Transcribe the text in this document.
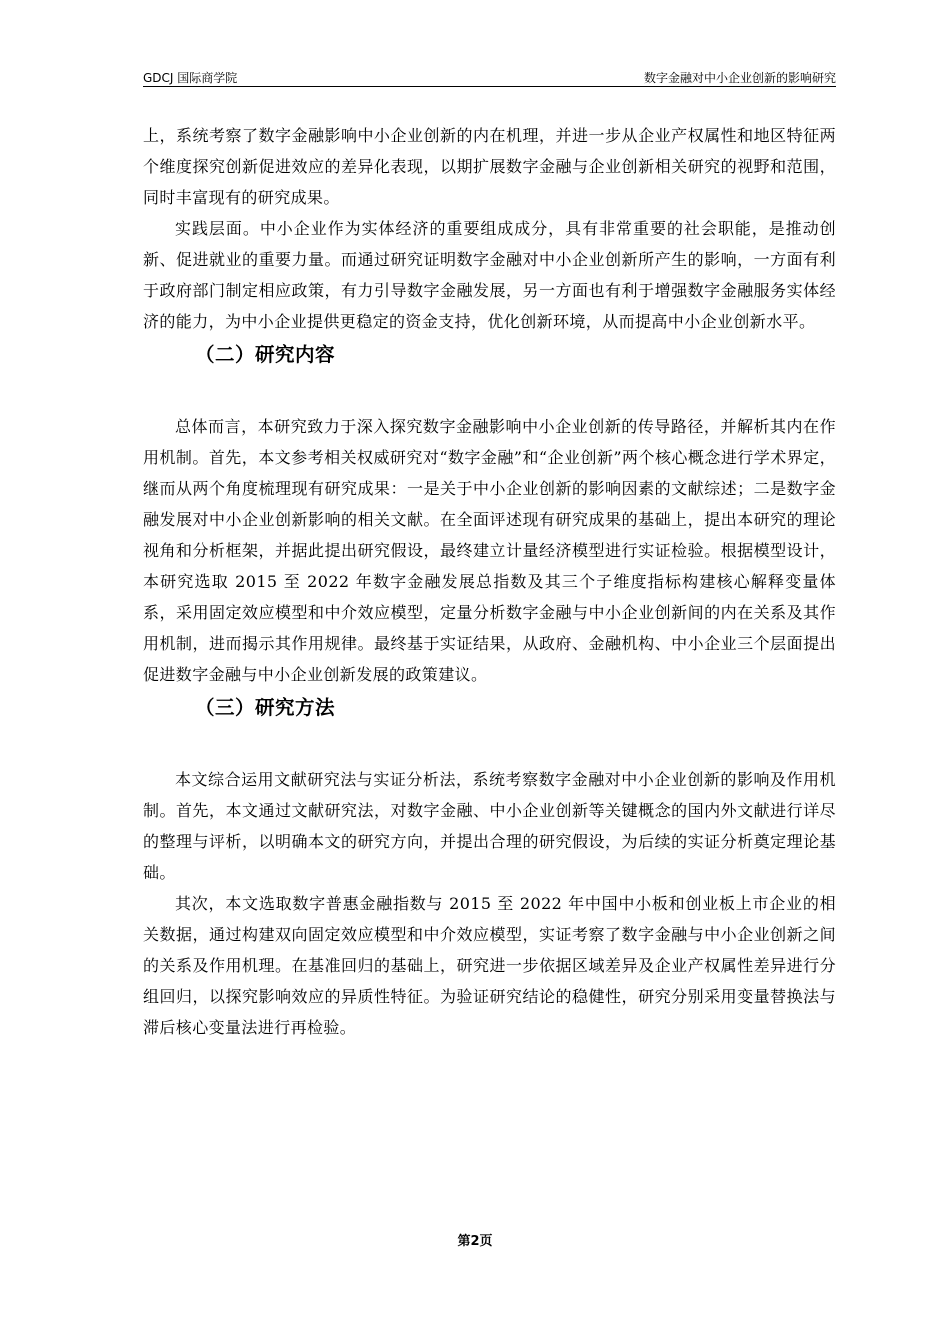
GDCJ 国际商学院	数字金融对中小企业创新的影响研究

上，系统考察了数字金融影响中小企业创新的内在机理，并进一步从企业产权属性和地区特征两个维度探究创新促进效应的差异化表现，以期扩展数字金融与企业创新相关研究的视野和范围，同时丰富现有的研究成果。

实践层面。中小企业作为实体经济的重要组成成分，具有非常重要的社会职能，是推动创新、促进就业的重要力量。而通过研究证明数字金融对中小企业创新所产生的影响，一方面有利于政府部门制定相应政策，有力引导数字金融发展，另一方面也有利于增强数字金融服务实体经济的能力，为中小企业提供更稳定的资金支持，优化创新环境，从而提高中小企业创新水平。

（二）研究内容

总体而言，本研究致力于深入探究数字金融影响中小企业创新的传导路径，并解析其内在作用机制。首先，本文参考相关权威研究对“数字金融”和“企业创新”两个核心概念进行学术界定，继而从两个角度梳理现有研究成果：一是关于中小企业创新的影响因素的文献综述；二是数字金融发展对中小企业创新影响的相关文献。在全面评述现有研究成果的基础上，提出本研究的理论视角和分析框架，并据此提出研究假设，最终建立计量经济模型进行实证检验。根据模型设计，本研究选取 2015 至 2022 年数字金融发展总指数及其三个子维度指标构建核心解释变量体系，采用固定效应模型和中介效应模型，定量分析数字金融与中小企业创新间的内在关系及其作用机制，进而揭示其作用规律。最终基于实证结果，从政府、金融机构、中小企业三个层面提出促进数字金融与中小企业创新发展的政策建议。

（三）研究方法

本文综合运用文献研究法与实证分析法，系统考察数字金融对中小企业创新的影响及作用机制。首先，本文通过文献研究法，对数字金融、中小企业创新等关键概念的国内外文献进行详尽的整理与评析，以明确本文的研究方向，并提出合理的研究假设，为后续的实证分析奠定理论基础。

其次，本文选取数字普惠金融指数与 2015 至 2022 年中国中小板和创业板上市企业的相关数据，通过构建双向固定效应模型和中介效应模型，实证考察了数字金融与中小企业创新之间的关系及作用机理。在基准回归的基础上，研究进一步依据区域差异及企业产权属性差异进行分组回归，以探究影响效应的异质性特征。为验证研究结论的稳健性，研究分别采用变量替换法与滞后核心变量法进行再检验。

第2页
